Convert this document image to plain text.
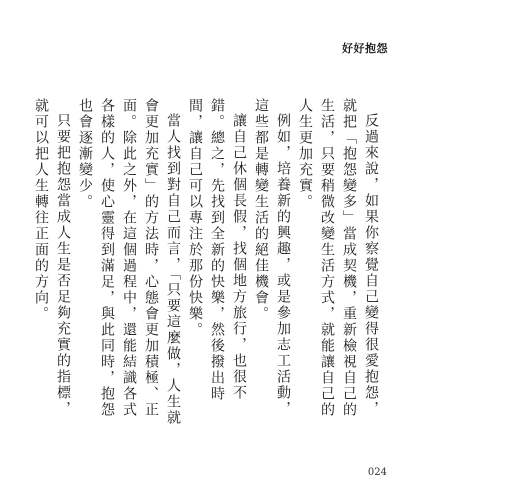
好好抱怨

反過來說，如果你察覺自己變得很愛抱怨，就把「抱怨變多」當成契機，重新檢視自己的生活，只要稍微改變生活方式，就能讓自己的人生更加充實。

例如，培養新的興趣，或是參加志工活動，這些都是轉變生活的絕佳機會。

讓自己休個長假，找個地方旅行，也很不錯。總之，先找到全新的快樂，然後撥出時間，讓自己可以專注於那份快樂。

當人找到對自己而言，「只要這麼做，人生就會更加充實」的方法時，心態會更加積極、正面。除此之外，在這個過程中，還能結識各式各樣的人，使心靈得到滿足，與此同時，抱怨也會逐漸變少。

只要把抱怨當成人生是否足夠充實的指標，就可以把人生轉往正面的方向。

024
